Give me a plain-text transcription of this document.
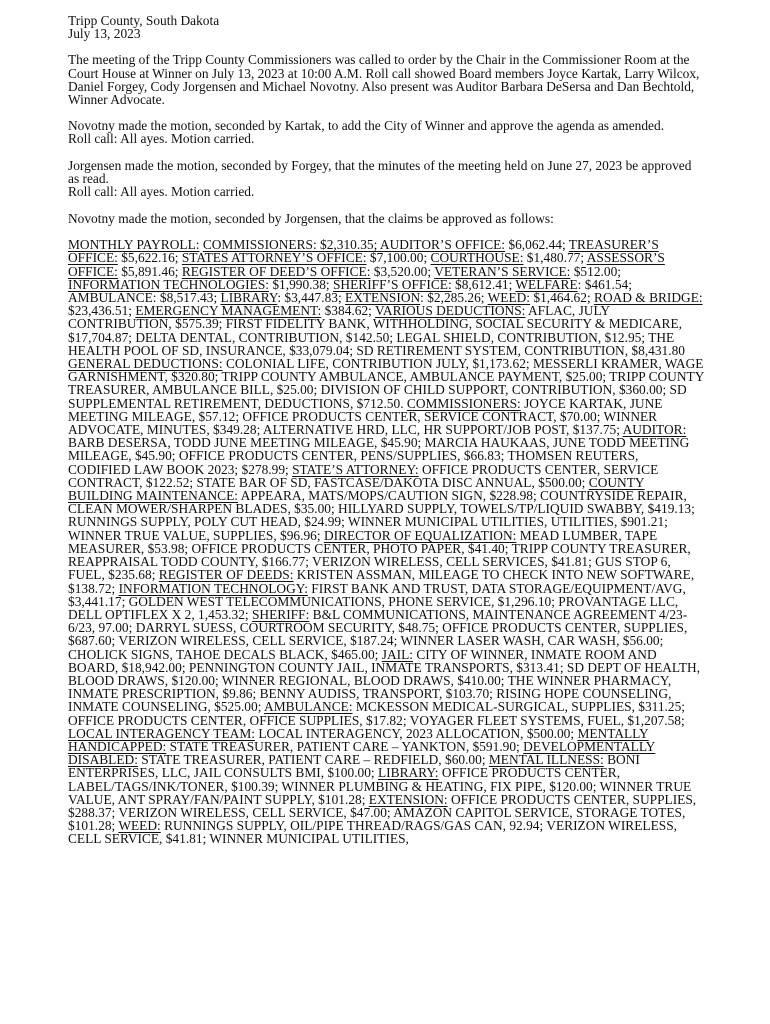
Tripp County, South Dakota
July 13, 2023

The meeting of the Tripp County Commissioners was called to order by the Chair in the Commissioner Room at the Court House at Winner on July 13, 2023 at 10:00 A.M. Roll call showed Board members Joyce Kartak, Larry Wilcox, Daniel Forgey, Cody Jorgensen and Michael Novotny. Also present was Auditor Barbara DeSersa and Dan Bechtold, Winner Advocate.

Novotny made the motion, seconded by Kartak, to add the City of Winner and approve the agenda as amended.

Roll call: All ayes. Motion carried.

Jorgensen made the motion, seconded by Forgey, that the minutes of the meeting held on June 27, 2023 be approved as read.

Roll call: All ayes. Motion carried.

Novotny made the motion, seconded by Jorgensen, that the claims be approved as follows:

MONTHLY PAYROLL: COMMISSIONERS: $2,310.35; AUDITOR’S OFFICE: $6,062.44; TREASURER’S OFFICE: $5,622.16; STATES ATTORNEY’S OFFICE: $7,100.00; COURTHOUSE: $1,480.77; ASSESSOR’S OFFICE: $5,891.46; REGISTER OF DEED’S OFFICE: $3,520.00; VETERAN’S SERVICE: $512.00; INFORMATION TECHNOLOGIES: $1,990.38; SHERIFF’S OFFICE: $8,612.41; WELFARE: $461.54; AMBULANCE: $8,517.43; LIBRARY: $3,447.83; EXTENSION: $2,285.26; WEED: $1,464.62; ROAD & BRIDGE: $23,436.51; EMERGENCY MANAGEMENT: $384.62; VARIOUS DEDUCTIONS: AFLAC, JULY CONTRIBUTION, $575.39; FIRST FIDELITY BANK, WITHHOLDING, SOCIAL SECURITY & MEDICARE, $17,704.87; DELTA DENTAL, CONTRIBUTION, $142.50; LEGAL SHIELD, CONTRIBUTION, $12.95; THE HEALTH POOL OF SD, INSURANCE, $33,079.04; SD RETIREMENT SYSTEM, CONTRIBUTION, $8,431.80 GENERAL DEDUCTIONS: COLONIAL LIFE, CONTRIBUTION JULY, $1,173.62; MESSERLI KRAMER, WAGE GARNISHMENT, $320.80; TRIPP COUNTY AMBULANCE, AMBULANCE PAYMENT, $25.00; TRIPP COUNTY TREASURER, AMBULANCE BILL, $25.00; DIVISION OF CHILD SUPPORT, CONTRIBUTION, $360.00; SD SUPPLEMENTAL RETIREMENT, DEDUCTIONS, $712.50. COMMISSIONERS: JOYCE KARTAK, JUNE MEETING MILEAGE, $57.12; OFFICE PRODUCTS CENTER, SERVICE CONTRACT, $70.00; WINNER ADVOCATE, MINUTES, $349.28; ALTERNATIVE HRD, LLC, HR SUPPORT/JOB POST, $137.75; AUDITOR: BARB DESERSA, TODD JUNE MEETING MILEAGE, $45.90; MARCIA HAUKAAS, JUNE TODD MEETING MILEAGE, $45.90; OFFICE PRODUCTS CENTER, PENS/SUPPLIES, $66.83; THOMSEN REUTERS, CODIFIED LAW BOOK 2023; $278.99; STATE’S ATTORNEY: OFFICE PRODUCTS CENTER, SERVICE CONTRACT, $122.52; STATE BAR OF SD, FASTCASE/DAKOTA DISC ANNUAL, $500.00; COUNTY BUILDING MAINTENANCE: APPEARA, MATS/MOPS/CAUTION SIGN, $228.98; COUNTRYSIDE REPAIR, CLEAN MOWER/SHARPEN BLADES, $35.00; HILLYARD SUPPLY, TOWELS/TP/LIQUID SWABBY, $419.13; RUNNINGS SUPPLY, POLY CUT HEAD, $24.99; WINNER MUNICIPAL UTILITIES, UTILITIES, $901.21; WINNER TRUE VALUE, SUPPLIES, $96.96; DIRECTOR OF EQUALIZATION: MEAD LUMBER, TAPE MEASURER, $53.98; OFFICE PRODUCTS CENTER, PHOTO PAPER, $41.40; TRIPP COUNTY TREASURER, REAPPRAISAL TODD COUNTY, $166.77; VERIZON WIRELESS, CELL SERVICES, $41.81; GUS STOP 6, FUEL, $235.68; REGISTER OF DEEDS: KRISTEN ASSMAN, MILEAGE TO CHECK INTO NEW SOFTWARE, $138.72; INFORMATION TECHNOLOGY: FIRST BANK AND TRUST, DATA STORAGE/EQUIPMENT/AVG, $3,441.17; GOLDEN WEST TELECOMMUNICATIONS, PHONE SERVICE, $1,296.10; PROVANTAGE LLC, DELL OPTIFLEX X 2, 1,453.32; SHERIFF: B&L COMMUNICATIONS, MAINTENANCE AGREEMENT 4/23-6/23, 97.00; DARRYL SUESS, COURTROOM SECURITY, $48.75; OFFICE PRODUCTS CENTER, SUPPLIES, $687.60; VERIZON WIRELESS, CELL SERVICE, $187.24; WINNER LASER WASH, CAR WASH, $56.00; CHOLICK SIGNS, TAHOE DECALS BLACK, $465.00; JAIL: CITY OF WINNER, INMATE ROOM AND BOARD, $18,942.00; PENNINGTON COUNTY JAIL, INMATE TRANSPORTS, $313.41; SD DEPT OF HEALTH, BLOOD DRAWS, $120.00; WINNER REGIONAL, BLOOD DRAWS, $410.00; THE WINNER PHARMACY, INMATE PRESCRIPTION, $9.86; BENNY AUDISS, TRANSPORT, $103.70; RISING HOPE COUNSELING, INMATE COUNSELING, $525.00; AMBULANCE: MCKESSON MEDICAL-SURGICAL, SUPPLIES, $311.25; OFFICE PRODUCTS CENTER, OFFICE SUPPLIES, $17.82; VOYAGER FLEET SYSTEMS, FUEL, $1,207.58; LOCAL INTERAGENCY TEAM: LOCAL INTERAGENCY, 2023 ALLOCATION, $500.00; MENTALLY HANDICAPPED: STATE TREASURER, PATIENT CARE – YANKTON, $591.90; DEVELOPMENTALLY DISABLED: STATE TREASURER, PATIENT CARE – REDFIELD, $60.00; MENTAL ILLNESS: BONI ENTERPRISES, LLC, JAIL CONSULTS BMI, $100.00; LIBRARY: OFFICE PRODUCTS CENTER, LABEL/TAGS/INK/TONER, $100.39; WINNER PLUMBING & HEATING, FIX PIPE, $120.00; WINNER TRUE VALUE, ANT SPRAY/FAN/PAINT SUPPLY, $101.28; EXTENSION: OFFICE PRODUCTS CENTER, SUPPLIES, $288.37; VERIZON WIRELESS, CELL SERVICE, $47.00; AMAZON CAPITOL SERVICE, STORAGE TOTES, $101.28; WEED: RUNNINGS SUPPLY, OIL/PIPE THREAD/RAGS/GAS CAN, 92.94; VERIZON WIRELESS, CELL SERVICE, $41.81; WINNER MUNICIPAL UTILITIES,
